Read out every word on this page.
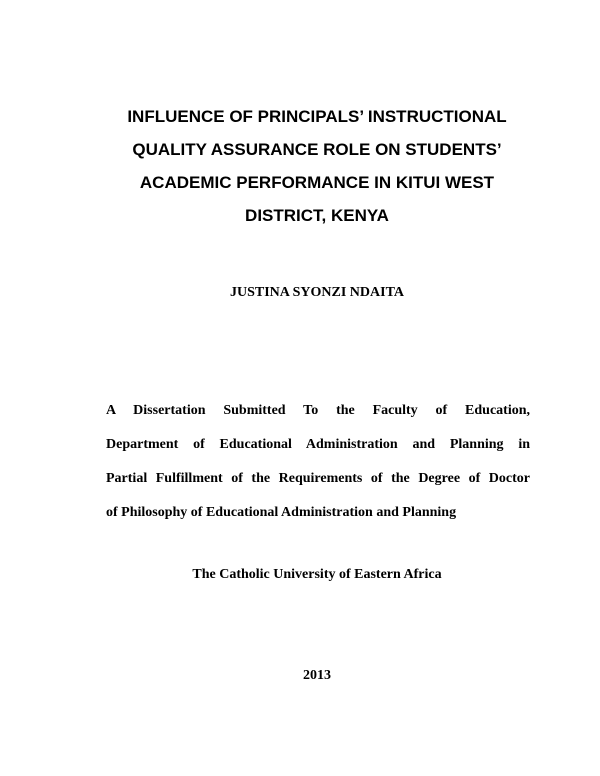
INFLUENCE OF PRINCIPALS’ INSTRUCTIONAL
QUALITY ASSURANCE ROLE ON STUDENTS’
ACADEMIC PERFORMANCE IN KITUI WEST
DISTRICT, KENYA

JUSTINA SYONZI NDAITA

A Dissertation Submitted To the Faculty of Education,
Department of Educational Administration and Planning in
Partial Fulfillment of the Requirements of the Degree of Doctor
of Philosophy of Educational Administration and Planning

The Catholic University of Eastern Africa

2013
